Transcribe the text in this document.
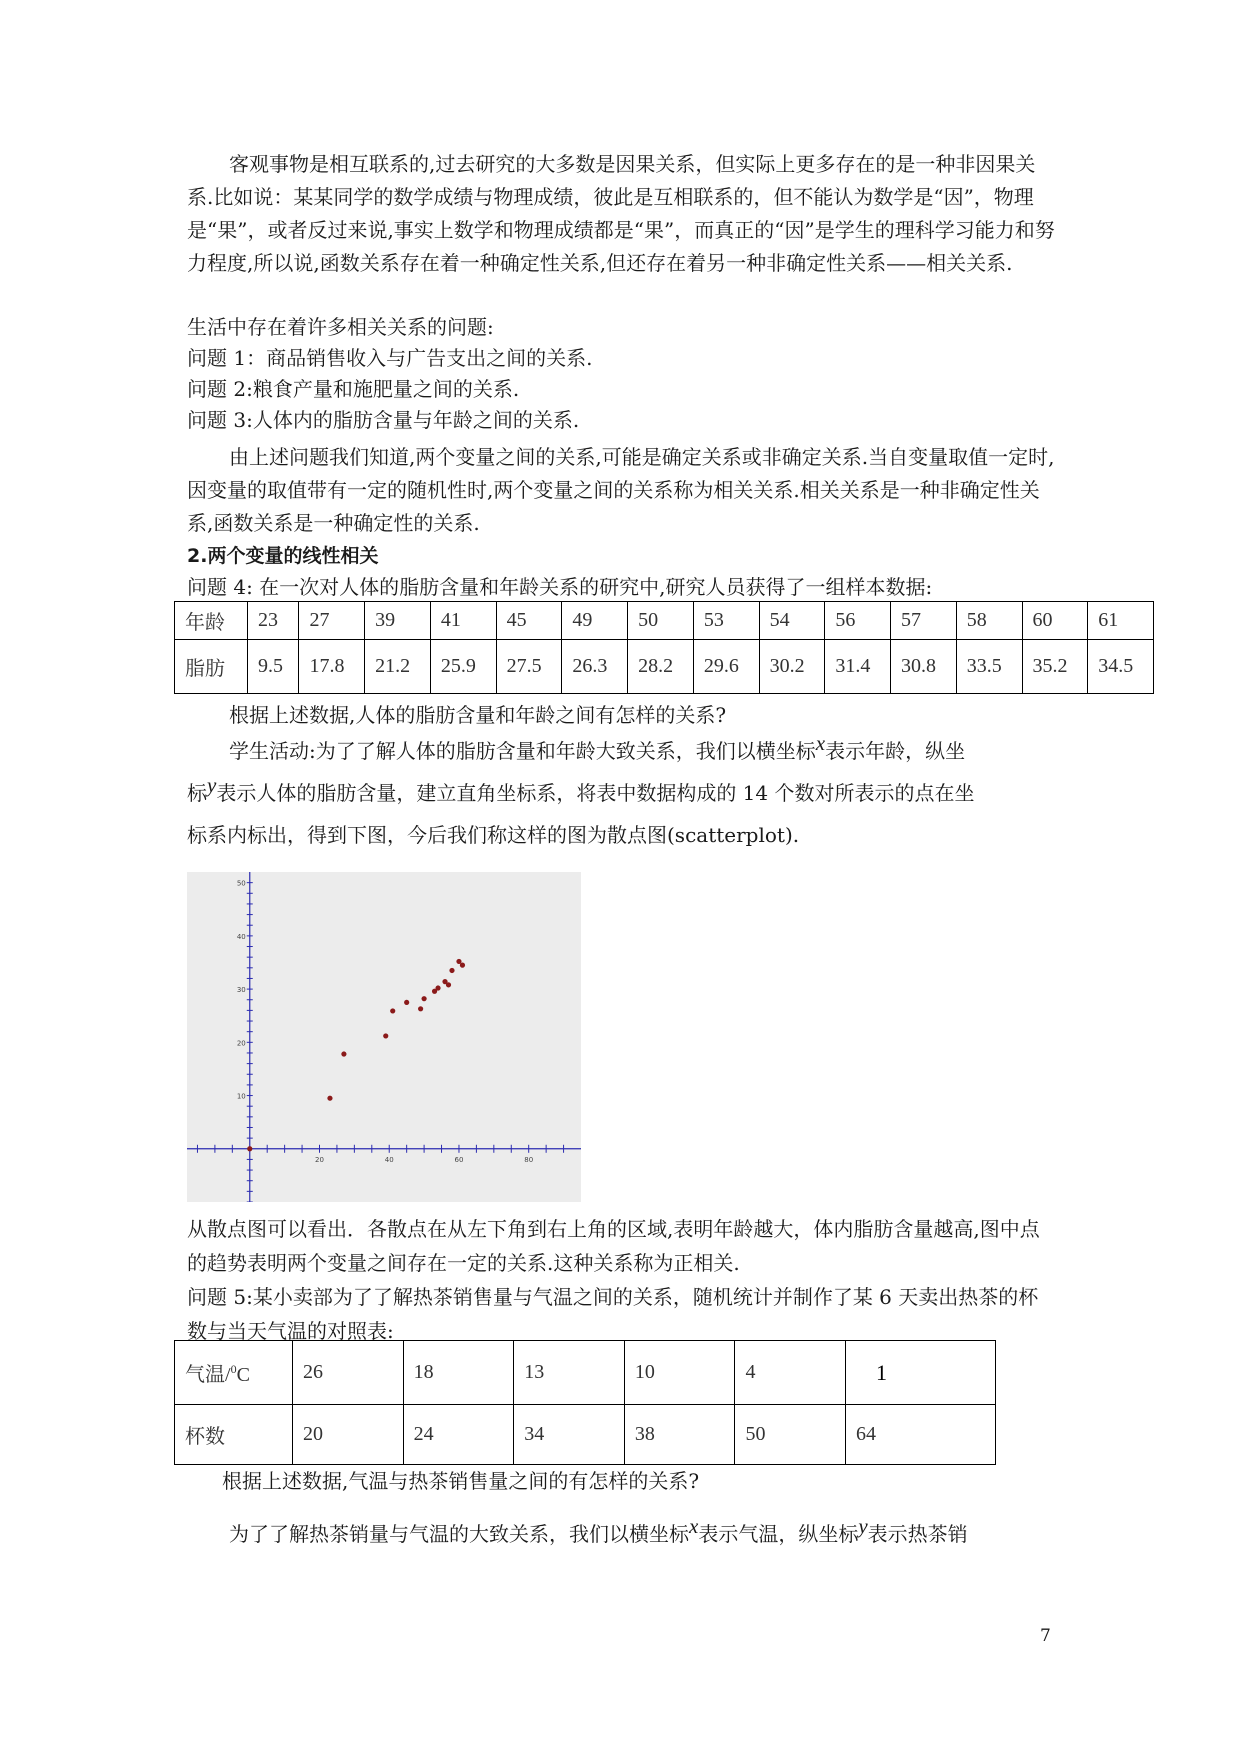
客观事物是相互联系的,过去研究的大多数是因果关系，但实际上更多存在的是一种非因果关系.比如说：某某同学的数学成绩与物理成绩，彼此是互相联系的，但不能认为数学是“因”，物理是“果”，或者反过来说,事实上数学和物理成绩都是“果”，而真正的“因”是学生的理科学习能力和努力程度,所以说,函数关系存在着一种确定性关系,但还存在着另一种非确定性关系——相关关系.

生活中存在着许多相关关系的问题:

问题 1：商品销售收入与广告支出之间的关系.

问题 2:粮食产量和施肥量之间的关系.

问题 3:人体内的脂肪含量与年龄之间的关系.

由上述问题我们知道,两个变量之间的关系,可能是确定关系或非确定关系.当自变量取值一定时,因变量的取值带有一定的随机性时,两个变量之间的关系称为相关关系.相关关系是一种非确定性关系,函数关系是一种确定性的关系.

2.两个变量的线性相关

问题 4: 在一次对人体的脂肪含量和年龄关系的研究中,研究人员获得了一组样本数据:

年龄	23	27	39	41	45	49	50	53	54	56	57	58	60	61
脂肪	9.5	17.8	21.2	25.9	27.5	26.3	28.2	29.6	30.2	31.4	30.8	33.5	35.2	34.5

根据上述数据,人体的脂肪含量和年龄之间有怎样的关系?

学生活动:为了了解人体的脂肪含量和年龄大致关系，我们以横坐标x表示年龄，纵坐

标y表示人体的脂肪含量，建立直角坐标系，将表中数据构成的 14 个数对所表示的点在坐

标系内标出，得到下图，今后我们称这样的图为散点图(scatterplot).

20	40	60	80
10
20
30
40
50

从散点图可以看出．各散点在从左下角到右上角的区域,表明年龄越大，体内脂肪含量越高,图中点的趋势表明两个变量之间存在一定的关系.这种关系称为正相关.

问题 5:某小卖部为了了解热茶销售量与气温之间的关系，随机统计并制作了某 6 天卖出热茶的杯数与当天气温的对照表:

气温/$^0$C	26	18	13	10	4	1
杯数	20	24	34	38	50	64

根据上述数据,气温与热茶销售量之间的有怎样的关系?

为了了解热茶销量与气温的大致关系，我们以横坐标x表示气温，纵坐标y表示热茶销

7
